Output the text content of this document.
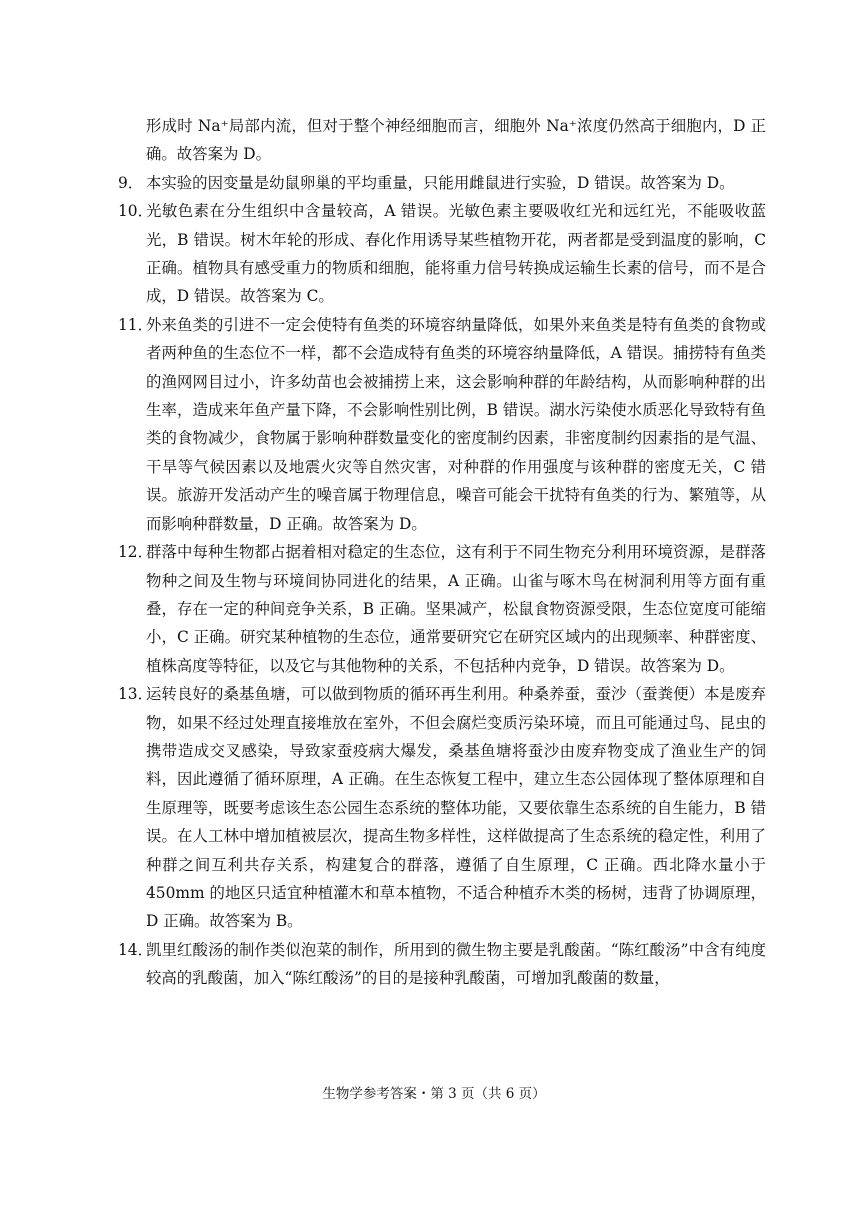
形成时 Na⁺局部内流，但对于整个神经细胞而言，细胞外 Na⁺浓度仍然高于细胞内，D 正确。故答案为 D。
9． 本实验的因变量是幼鼠卵巢的平均重量，只能用雌鼠进行实验，D 错误。故答案为 D。
10．
光敏色素在分生组织中含量较高，A 错误。光敏色素主要吸收红光和远红光，不能吸收蓝光，B 错误。树木年轮的形成、春化作用诱导某些植物开花，两者都是受到温度的影响，C 正确。植物具有感受重力的物质和细胞，能将重力信号转换成运输生长素的信号，而不是合成，D 错误。故答案为 C。
11．
外来鱼类的引进不一定会使特有鱼类的环境容纳量降低，如果外来鱼类是特有鱼类的食物或者两种鱼的生态位不一样，都不会造成特有鱼类的环境容纳量降低，A 错误。捕捞特有鱼类的渔网网目过小，许多幼苗也会被捕捞上来，这会影响种群的年龄结构，从而影响种群的出生率，造成来年鱼产量下降，不会影响性别比例，B 错误。湖水污染使水质恶化导致特有鱼类的食物减少，食物属于影响种群数量变化的密度制约因素，非密度制约因素指的是气温、干旱等气候因素以及地震火灾等自然灾害，对种群的作用强度与该种群的密度无关，C 错误。旅游开发活动产生的噪音属于物理信息，噪音可能会干扰特有鱼类的行为、繁殖等，从而影响种群数量，D 正确。故答案为 D。
12．
群落中每种生物都占据着相对稳定的生态位，这有利于不同生物充分利用环境资源，是群落物种之间及生物与环境间协同进化的结果，A 正确。山雀与啄木鸟在树洞利用等方面有重叠，存在一定的种间竞争关系，B 正确。坚果减产，松鼠食物资源受限，生态位宽度可能缩小，C 正确。研究某种植物的生态位，通常要研究它在研究区域内的出现频率、种群密度、植株高度等特征，以及它与其他物种的关系，不包括种内竞争，D 错误。故答案为 D。
13．
运转良好的桑基鱼塘，可以做到物质的循环再生利用。种桑养蚕，蚕沙（蚕粪便）本是废弃物，如果不经过处理直接堆放在室外，不但会腐烂变质污染环境，而且可能通过鸟、昆虫的携带造成交叉感染，导致家蚕疫病大爆发，桑基鱼塘将蚕沙由废弃物变成了渔业生产的饲料，因此遵循了循环原理，A 正确。在生态恢复工程中，建立生态公园体现了整体原理和自生原理等，既要考虑该生态公园生态系统的整体功能，又要依靠生态系统的自生能力，B 错误。在人工林中增加植被层次，提高生物多样性，这样做提高了生态系统的稳定性，利用了种群之间互利共存关系，构建复合的群落，遵循了自生原理，C 正确。西北降水量小于 450mm 的地区只适宜种植灌木和草本植物，不适合种植乔木类的杨树，违背了协调原理，D 正确。故答案为 B。
14．
凯里红酸汤的制作类似泡菜的制作，所用到的微生物主要是乳酸菌。“陈红酸汤”中含有纯度较高的乳酸菌，加入“陈红酸汤”的目的是接种乳酸菌，可增加乳酸菌的数量，
生物学参考答案・第 3 页（共 6 页）
